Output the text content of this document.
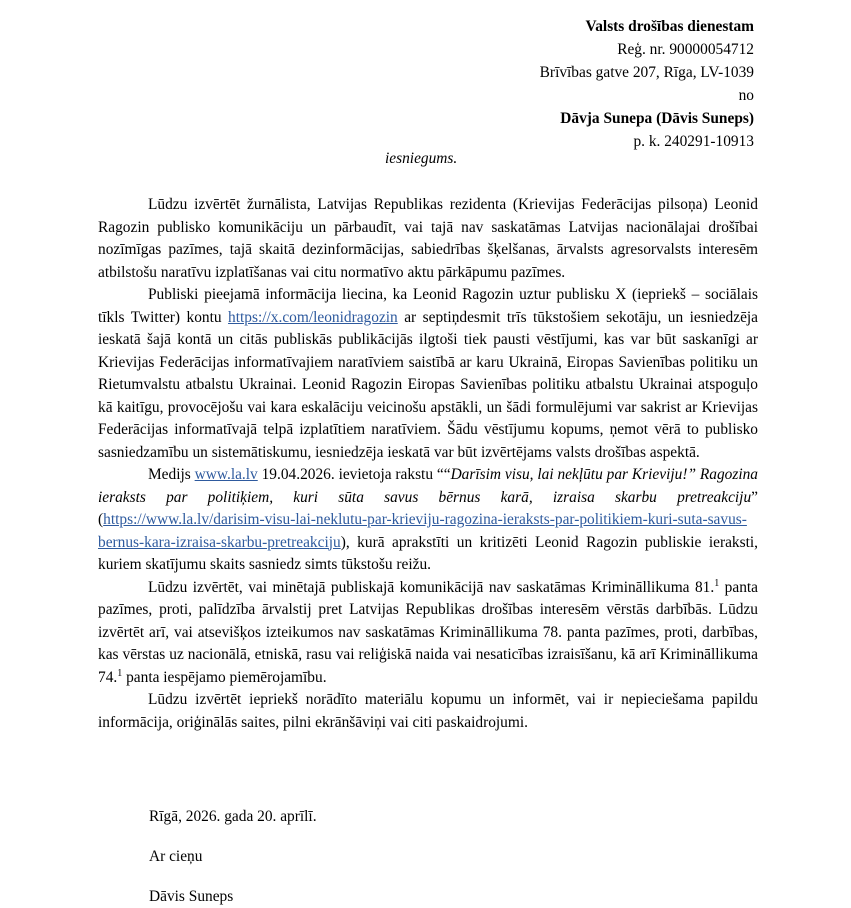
Valsts drošības dienestam
Reģ. nr. 90000054712
Brīvības gatve 207, Rīga, LV-1039
no
Dāvja Sunepa (Dāvis Suneps)
p. k. 240291-10913
iesniegums.

Lūdzu izvērtēt žurnālista, Latvijas Republikas rezidenta (Krievijas Federācijas pilsoņa) Leonid Ragozin publisko komunikāciju un pārbaudīt, vai tajā nav saskatāmas Latvijas nacionālajai drošībai nozīmīgas pazīmes, tajā skaitā dezinformācijas, sabiedrības šķelšanas, ārvalsts agresorvalsts interesēm atbilstošu naratīvu izplatīšanas vai citu normatīvo aktu pārkāpumu pazīmes.

Publiski pieejamā informācija liecina, ka Leonid Ragozin uztur publisku X (iepriekš – sociālais tīkls Twitter) kontu https://x.com/leonidragozin ar septiņdesmit trīs tūkstošiem sekotāju, un iesniedzēja ieskatā šajā kontā un citās publiskās publikācijās ilgtoši tiek pausti vēstījumi, kas var būt saskanīgi ar Krievijas Federācijas informatīvajiem naratīviem saistībā ar karu Ukrainā, Eiropas Savienības politiku un Rietumvalstu atbalstu Ukrainai. Leonid Ragozin Eiropas Savienības politiku atbalstu Ukrainai atspoguļo kā kaitīgu, provocējošu vai kara eskalāciju veicinošu apstākli, un šādi formulējumi var sakrist ar Krievijas Federācijas informatīvajā telpā izplatītiem naratīviem. Šādu vēstījumu kopums, ņemot vērā to publisko sasniedzamību un sistemātiskumu, iesniedzēja ieskatā var būt izvērtējams valsts drošības aspektā.

Medijs www.la.lv 19.04.2026. ievietoja rakstu ““Darīsim visu, lai nekļūtu par Krieviju!” Ragozina ieraksts par politiķiem, kuri sūta savus bērnus karā, izraisa skarbu pretreakciju” (https://www.la.lv/darisim-visu-lai-neklutu-par-krieviju-ragozina-ieraksts-par-politikiem-kuri-suta-savus-bernus-kara-izraisa-skarbu-pretreakciju), kurā aprakstīti un kritizēti Leonid Ragozin publiskie ieraksti, kuriem skatījumu skaits sasniedz simts tūkstošu reižu.

Lūdzu izvērtēt, vai minētajā publiskajā komunikācijā nav saskatāmas Krimināllikuma 81.$^1$ panta pazīmes, proti, palīdzība ārvalstij pret Latvijas Republikas drošības interesēm vērstās darbībās. Lūdzu izvērtēt arī, vai atsevišķos izteikumos nav saskatāmas Krimināllikuma 78. panta pazīmes, proti, darbības, kas vērstas uz nacionālā, etniskā, rasu vai reliģiskā naida vai nesaticības izraisīšanu, kā arī Krimināllikuma 74.$^1$ panta iespējamo piemērojamību.

Lūdzu izvērtēt iepriekš norādīto materiālu kopumu un informēt, vai ir nepieciešama papildu informācija, oriģinālās saites, pilni ekrānšāviņi vai citi paskaidrojumi.

Rīgā, 2026. gada 20. aprīlī.
Ar cieņu
Dāvis Suneps
